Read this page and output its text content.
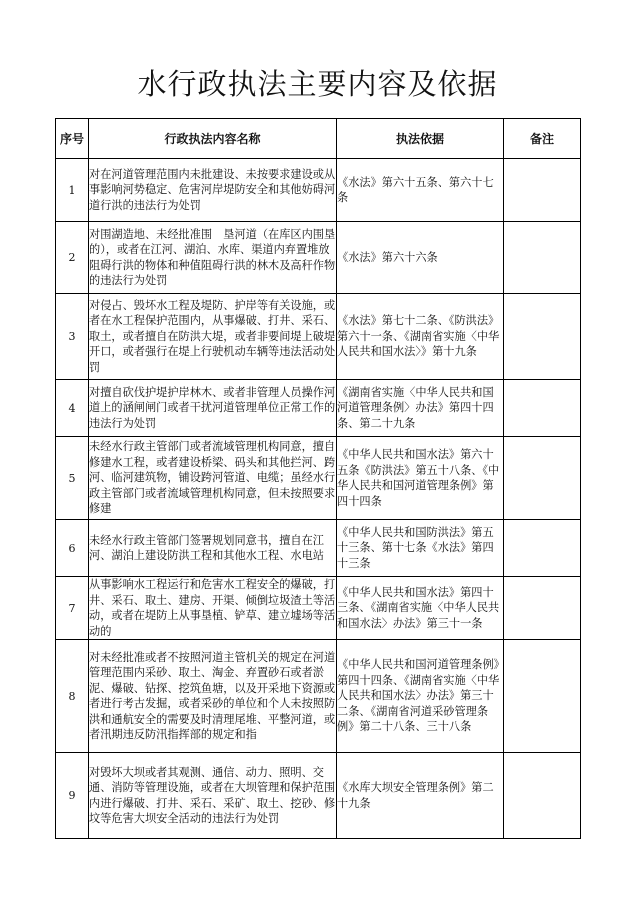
水行政执法主要内容及依据
序号	行政执法内容名称	执法依据	备注
1	对在河道管理范围内未批建设、未按要求建设或从事影响河势稳定、危害河岸堤防安全和其他妨碍河道行洪的违法行为处罚	《水法》第六十五条、第六十七条	
2	对围湖造地、未经批准围　垦河道（在库区内围垦的），或者在江河、湖泊、水库、渠道内弃置堆放阻碍行洪的物体和种值阻碍行洪的林木及高秆作物的违法行为处罚	《水法》第六十六条	
3	对侵占、毁坏水工程及堤防、护岸等有关设施，或者在水工程保护范围内，从事爆破、打井、采石、取土，或者擅自在防洪大堤，或者非要间堤上破堤开口，或者强行在堤上行驶机动车辆等违法活动处罚	《水法》第七十二条、《防洪法》第六十一条、《湖南省实施〈中华人民共和国水法〉》第十九条	
4	对擅自砍伐护堤护岸林木、或者非管理人员操作河道上的涵闸闸门或者干扰河道管理单位正常工作的违法行为处罚	《湖南省实施〈中华人民共和国河道管理条例〉办法》第四十四条、第二十九条	
5	未经水行政主管部门或者流域管理机构同意，擅自修建水工程，或者建设桥梁、码头和其他拦河、跨河、临河建筑物，铺设跨河管道、电缆；虽经水行政主管部门或者流域管理机构同意，但未按照要求修建	《中华人民共和国水法》第六十五条《防洪法》第五十八条、《中华人民共和国河道管理条例》第四十四条	
6	未经水行政主管部门签署规划同意书，擅自在江河、湖泊上建设防洪工程和其他水工程、水电站	《中华人民共和国防洪法》第五十三条、第十七条《水法》第四十三条	
7	从事影响水工程运行和危害水工程安全的爆破，打井、采石、取土、建房、开渠、倾倒垃圾渣土等活动，或者在堤防上从事垦植、铲草、建立墟场等活动的	《中华人民共和国水法》第四十三条、《湖南省实施〈中华人民共和国水法〉办法》第三十一条	
8	对未经批准或者不按照河道主管机关的规定在河道管理范围内采砂、取土、淘金、弃置砂石或者淤泥、爆破、钻探、挖筑鱼塘，以及开采地下资源或者进行考古发掘，或者采砂的单位和个人未按照防洪和通航安全的需要及时清理尾堆、平整河道，或者汛期违反防汛指挥部的规定和指	《中华人民共和国河道管理条例》第四十四条、《湖南省实施〈中华人民共和国水法〉办法》第三十二条、《湖南省河道采砂管理条例》第二十八条、三十八条	
9	对毁坏大坝或者其观测、通信、动力、照明、交通、消防等管理设施，或者在大坝管理和保护范围内进行爆破、打井、采石、采矿、取土、挖砂、修坟等危害大坝安全活动的违法行为处罚	《水库大坝安全管理条例》第二十九条	
